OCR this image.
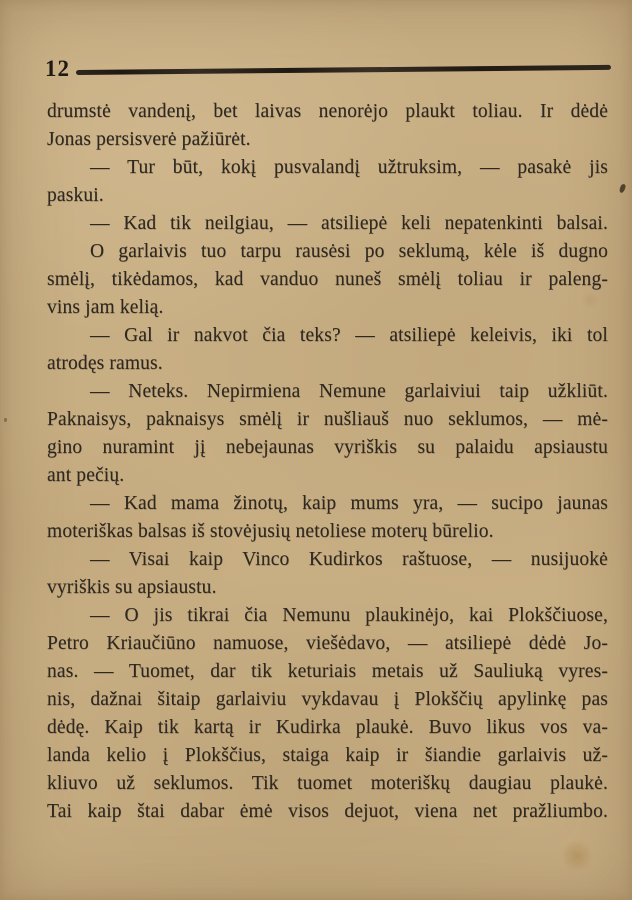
12
drumstė vandenį, bet laivas nenorėjo plaukt toliau. Ir dėdė
Jonas persisverė pažiūrėt.
— Tur būt, kokį pusvalandį užtruksim, — pasakė jis
paskui.
— Kad tik neilgiau, — atsiliepė keli nepatenkinti balsai.
O garlaivis tuo tarpu rausėsi po seklumą, kėle iš dugno
smėlį, tikėdamos, kad vanduo nuneš smėlį toliau ir paleng-
vins jam kelią.
— Gal ir nakvot čia teks? — atsiliepė keleivis, iki tol
atrodęs ramus.
— Neteks. Nepirmiena Nemune garlaiviui taip užkliūt.
Paknaisys, paknaisys smėlį ir nušliauš nuo seklumos, — mė-
gino nuramint jį nebejaunas vyriškis su palaidu apsiaustu
ant pečių.
— Kad mama žinotų, kaip mums yra, — sucipo jaunas
moteriškas balsas iš stovėjusių netoliese moterų būrelio.
— Visai kaip Vinco Kudirkos raštuose, — nusijuokė
vyriškis su apsiaustu.
— O jis tikrai čia Nemunu plaukinėjo, kai Plokščiuose,
Petro Kriaučiūno namuose, viešėdavo, — atsiliepė dėdė Jo-
nas. — Tuomet, dar tik keturiais metais už Sauliuką vyres-
nis, dažnai šitaip garlaiviu vykdavau į Plokščių apylinkę pas
dėdę. Kaip tik kartą ir Kudirka plaukė. Buvo likus vos va-
landa kelio į Plokščius, staiga kaip ir šiandie garlaivis už-
kliuvo už seklumos. Tik tuomet moteriškų daugiau plaukė.
Tai kaip štai dabar ėmė visos dejuot, viena net pražliumbo.
